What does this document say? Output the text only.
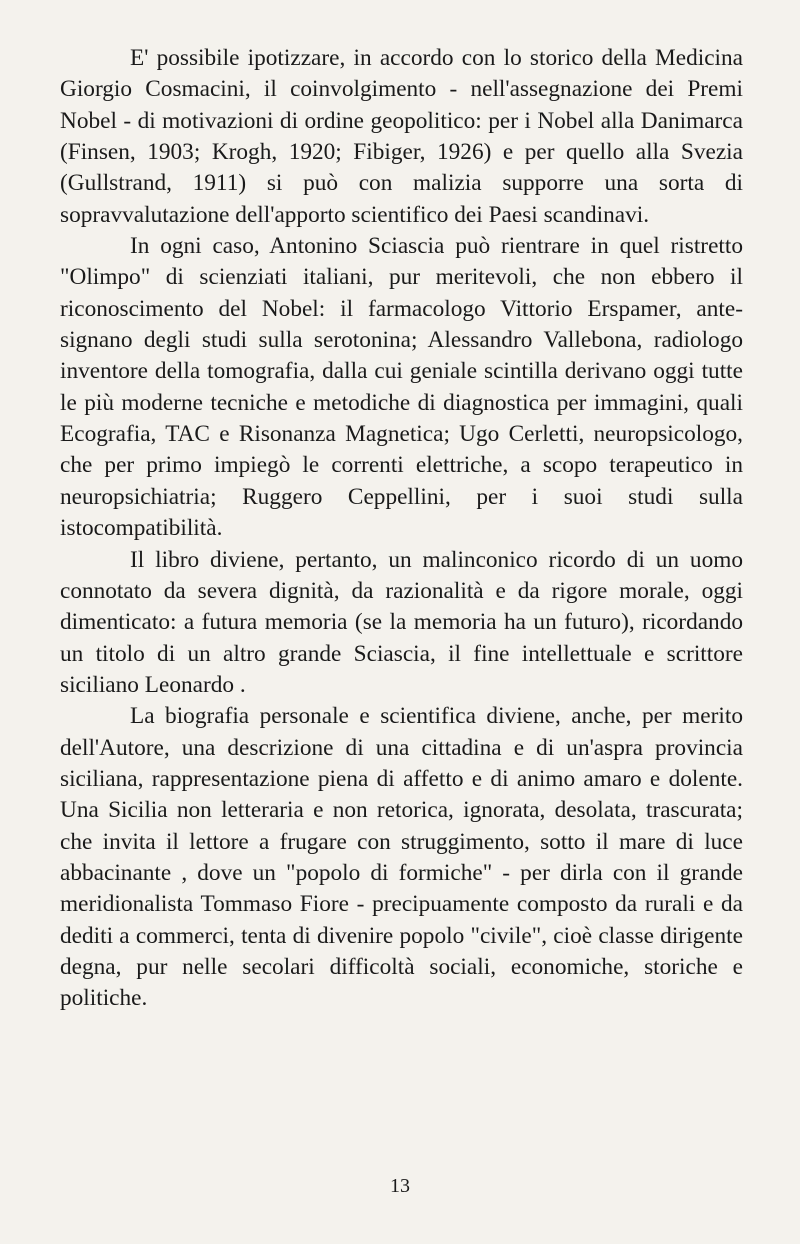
E' possibile ipotizzare, in accordo con lo storico della Medicina Giorgio Cosmacini, il coinvolgimento - nell'assegnazione dei Premi Nobel - di motivazioni di ordine geopolitico: per i Nobel alla Danimarca (Finsen, 1903; Krogh, 1920; Fibiger, 1926) e per quello alla Svezia (Gullstrand, 1911) si può con malizia supporre una sorta di sopravvalutazione dell'apporto scientifico dei Paesi scandinavi.

In ogni caso, Antonino Sciascia può rientrare in quel ristretto "Olimpo" di scienziati italiani, pur meritevoli, che non ebbero il riconoscimento del Nobel: il farmacologo Vittorio Erspamer, antesignano degli studi sulla serotonina; Alessandro Vallebona, radiologo inventore della tomografia, dalla cui geniale scintilla derivano oggi tutte le più moderne tecniche e metodiche di diagnostica per immagini, quali Ecografia, TAC e Risonanza Magnetica; Ugo Cerletti, neuropsicologo, che per primo impiegò le correnti elettriche, a scopo terapeutico in neuropsichiatria; Ruggero Ceppellini, per i suoi studi sulla istocompatibilità.

Il libro diviene, pertanto, un malinconico ricordo di un uomo connotato da severa dignità, da razionalità e da rigore morale, oggi dimenticato: a futura memoria (se la memoria ha un futuro), ricordando un titolo di un altro grande Sciascia, il fine intellettuale e scrittore siciliano Leonardo .

La biografia personale e scientifica diviene, anche, per merito dell'Autore, una descrizione di una cittadina e di un'aspra provincia siciliana, rappresentazione piena di affetto e di animo amaro e dolente. Una Sicilia non letteraria e non retorica, ignorata, desolata, trascurata; che invita il lettore a frugare con struggimento, sotto il mare di luce abbacinante , dove un "popolo di formiche" - per dirla con il grande meridionalista Tommaso Fiore - precipuamente composto da rurali e da dediti a commerci, tenta di divenire popolo "civile", cioè classe dirigente degna, pur nelle secolari difficoltà sociali, economiche, storiche e politiche.

13
